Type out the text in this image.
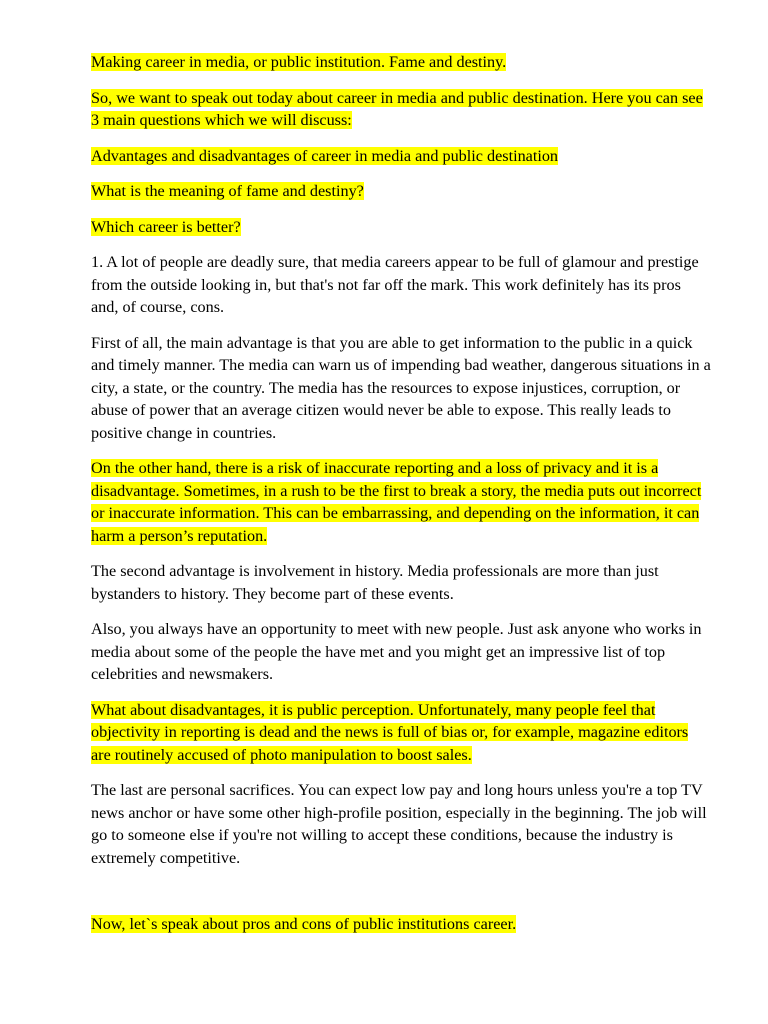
Making career in media, or public institution. Fame and destiny.

So, we want to speak out today about career in media and public destination. Here you can see 3 main questions which we will discuss:

Advantages and disadvantages of career in media and public destination

What is the meaning of fame and destiny?

Which career is better?

1. A lot of people are deadly sure, that media careers appear to be full of glamour and prestige from the outside looking in, but that's not far off the mark. This work definitely has its pros and, of course, cons.

First of all, the main advantage is that you are able to get information to the public in a quick and timely manner. The media can warn us of impending bad weather, dangerous situations in a city, a state, or the country. The media has the resources to expose injustices, corruption, or abuse of power that an average citizen would never be able to expose. This really leads to positive change in countries.

On the other hand, there is a risk of inaccurate reporting and a loss of privacy and it is a disadvantage. Sometimes, in a rush to be the first to break a story, the media puts out incorrect or inaccurate information. This can be embarrassing, and depending on the information, it can harm a person’s reputation.

The second advantage is involvement in history. Media professionals are more than just bystanders to history. They become part of these events.

Also, you always have an opportunity to meet with new people. Just ask anyone who works in media about some of the people the have met and you might get an impressive list of top celebrities and newsmakers.

What about disadvantages, it is public perception. Unfortunately, many people feel that objectivity in reporting is dead and the news is full of bias or, for example, magazine editors are routinely accused of photo manipulation to boost sales.

The last are personal sacrifices. You can expect low pay and long hours unless you're a top TV news anchor or have some other high-profile position, especially in the beginning. The job will go to someone else if you're not willing to accept these conditions, because the industry is extremely competitive.

Now, let`s speak about pros and cons of public institutions career.
